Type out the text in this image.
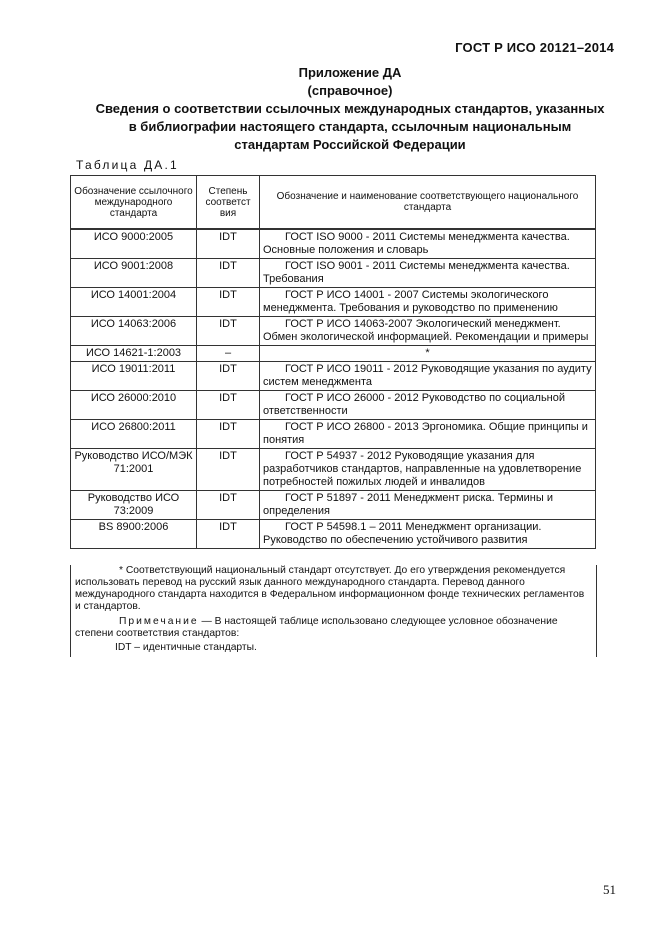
ГОСТ Р ИСО 20121–2014
Приложение ДА
(справочное)
Сведения о соответствии ссылочных международных стандартов, указанных
в библиографии настоящего стандарта, ссылочным национальным
стандартам Российской Федерации
Таблица ДА.1
Обозначение ссылочного международного стандарта	Степень соответст вия	Обозначение и наименование соответствующего национального стандарта
ИСО 9000:2005	IDT	ГОСТ ISO 9000 - 2011 Системы менеджмента качества. Основные положения и словарь
ИСО 9001:2008	IDT	ГОСТ ISO 9001 - 2011 Системы менеджмента качества. Требования
ИСО 14001:2004	IDT	ГОСТ Р ИСО 14001 - 2007 Системы экологического менеджмента. Требования и руководство по применению
ИСО 14063:2006	IDT	ГОСТ Р ИСО 14063-2007 Экологический менеджмент. Обмен экологической информацией. Рекомендации и примеры
ИСО 14621-1:2003	–	*
ИСО 19011:2011	IDT	ГОСТ Р ИСО 19011 - 2012 Руководящие указания по аудиту систем менеджмента
ИСО 26000:2010	IDT	ГОСТ Р ИСО 26000 - 2012 Руководство по социальной ответственности
ИСО 26800:2011	IDT	ГОСТ Р ИСО 26800 - 2013 Эргономика. Общие принципы и понятия
Руководство ИСО/МЭК 71:2001	IDT	ГОСТ Р 54937 - 2012 Руководящие указания для разработчиков стандартов, направленные на удовлетворение потребностей пожилых людей и инвалидов
Руководство ИСО 73:2009	IDT	ГОСТ Р 51897 - 2011 Менеджмент риска. Термины и определения
BS 8900:2006	IDT	ГОСТ Р 54598.1 – 2011 Менеджмент организации. Руководство по обеспечению устойчивого развития

* Соответствующий национальный стандарт отсутствует. До его утверждения рекомендуется использовать перевод на русский язык данного международного стандарта. Перевод данного международного стандарта находится в Федеральном информационном фонде технических регламентов и стандартов.

Примечание — В настоящей таблице использовано следующее условное обозначение степени соответствия стандартов:

IDT – идентичные стандарты.

51
